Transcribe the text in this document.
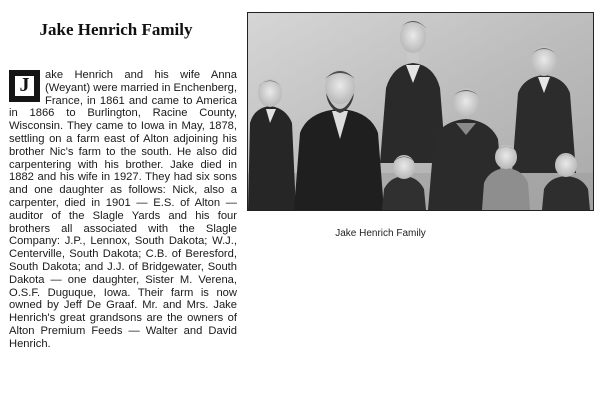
Jake Henrich Family

J	ake Henrich and his wife Anna (Weyant) were married in Enchenberg, France, in 1861 and came to America in 1866 to Burlington, Racine County, Wisconsin. They came to Iowa in May, 1878, settling on a farm east of Alton adjoining his brother Nic's farm to the south. He also did carpentering with his brother. Jake died in 1882 and his wife in 1927. They had six sons and one daughter as follows: Nick, also a carpenter, died in 1901 — E.S. of Alton — auditor of the Slagle Yards and his four brothers all associated with the Slagle Company: J.P., Lennox, South Dakota; W.J., Centerville, South Dakota; C.B. of Beresford, South Dakota; and J.J. of Bridgewater, South Dakota — one daughter, Sister M. Verena, O.S.F. Duguque, Iowa. Their farm is now owned by Jeff De Graaf. Mr. and Mrs. Jake Henrich's great grandsons are the owners of Alton Premium Feeds — Walter and David Henrich.

Jake Henrich Family
